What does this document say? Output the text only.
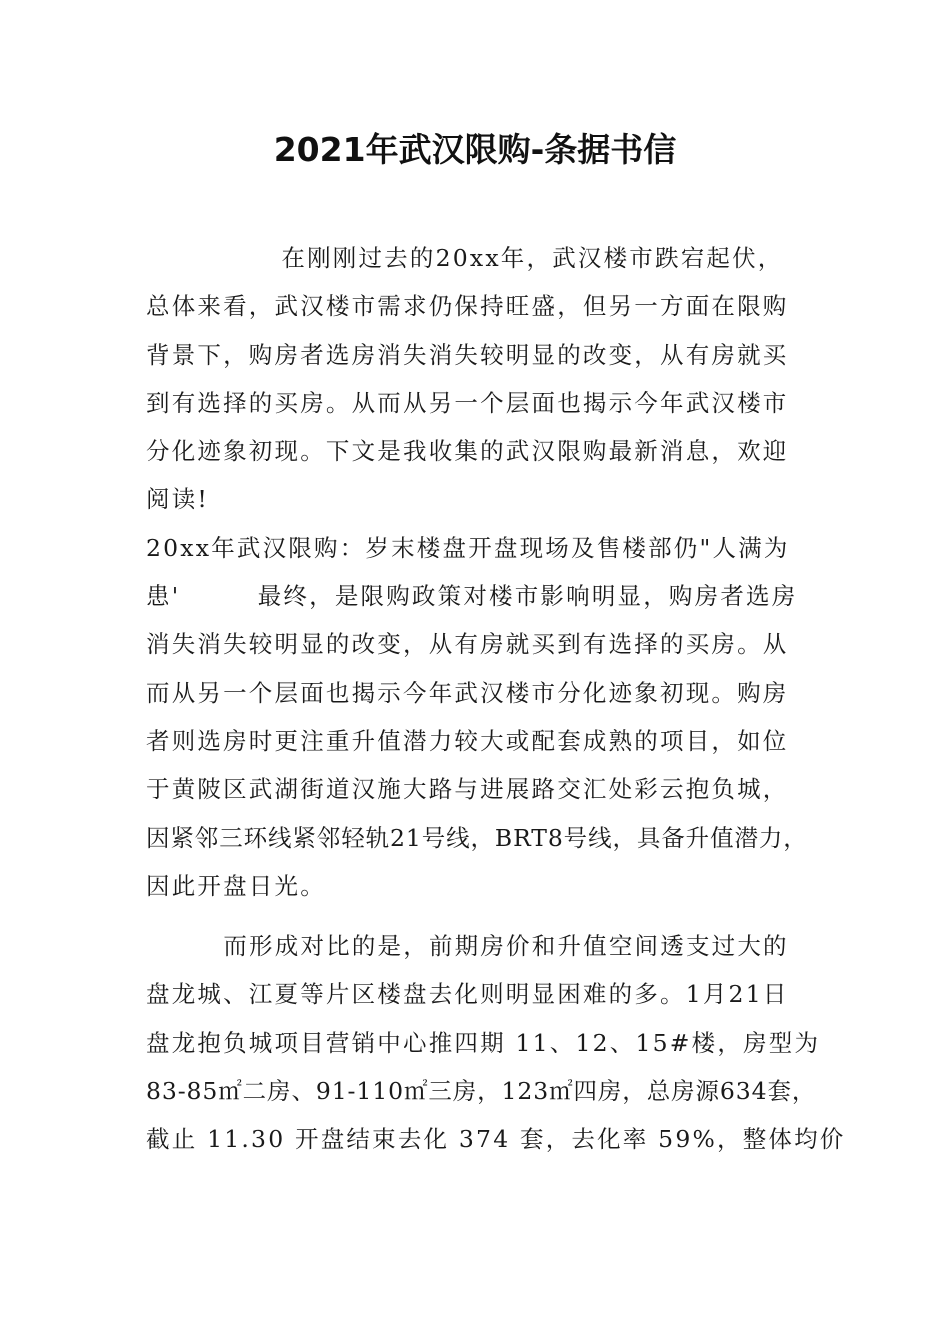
2021年武汉限购-条据书信
在刚刚过去的20xx年，武汉楼市跌宕起伏，
总体来看，武汉楼市需求仍保持旺盛，但另一方面在限购
背景下，购房者选房消失消失较明显的改变，从有房就买
到有选择的买房。从而从另一个层面也揭示今年武汉楼市
分化迹象初现。下文是我收集的武汉限购最新消息，欢迎
阅读!
20xx年武汉限购：岁末楼盘开盘现场及售楼部仍"人满为
患'        最终，是限购政策对楼市影响明显，购房者选房
消失消失较明显的改变，从有房就买到有选择的买房。从
而从另一个层面也揭示今年武汉楼市分化迹象初现。购房
者则选房时更注重升值潜力较大或配套成熟的项目，如位
于黄陂区武湖街道汉施大路与进展路交汇处彩云抱负城，
因紧邻三环线紧邻轻轨21号线，BRT8号线，具备升值潜力，
因此开盘日光。
而形成对比的是，前期房价和升值空间透支过大的
盘龙城、江夏等片区楼盘去化则明显困难的多。1月21日
盘龙抱负城项目营销中心推四期 11、12、15#楼，房型为
83-85㎡二房、91-110㎡三房，123㎡四房，总房源634套，
截止 11.30 开盘结束去化 374 套，去化率 59%，整体均价
